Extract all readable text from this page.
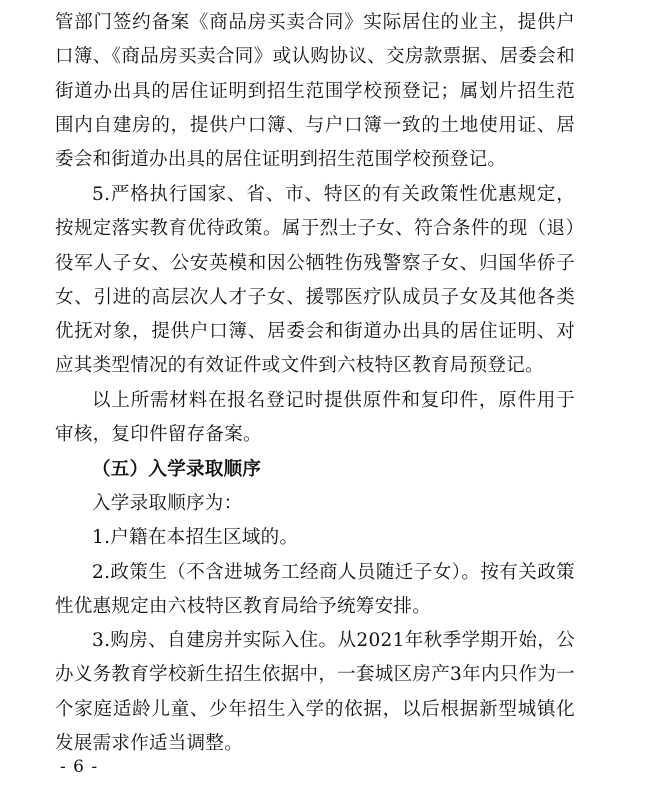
管部门签约备案《商品房买卖合同》实际居住的业主，提供户口簿、《商品房买卖合同》或认购协议、交房款票据、居委会和街道办出具的居住证明到招生范围学校预登记；属划片招生范围内自建房的，提供户口簿、与户口簿一致的土地使用证、居委会和街道办出具的居住证明到招生范围学校预登记。

5.严格执行国家、省、市、特区的有关政策性优惠规定，按规定落实教育优待政策。属于烈士子女、符合条件的现（退）役军人子女、公安英模和因公牺牲伤残警察子女、归国华侨子女、引进的高层次人才子女、援鄂医疗队成员子女及其他各类优抚对象，提供户口簿、居委会和街道办出具的居住证明、对应其类型情况的有效证件或文件到六枝特区教育局预登记。

以上所需材料在报名登记时提供原件和复印件，原件用于审核，复印件留存备案。

（五）入学录取顺序

入学录取顺序为：

1.户籍在本招生区域的。

2.政策生（不含进城务工经商人员随迁子女）。按有关政策性优惠规定由六枝特区教育局给予统筹安排。

3.购房、自建房并实际入住。从2021年秋季学期开始，公办义务教育学校新生招生依据中，一套城区房产3年内只作为一个家庭适龄儿童、少年招生入学的依据，以后根据新型城镇化发展需求作适当调整。

- 6 -
